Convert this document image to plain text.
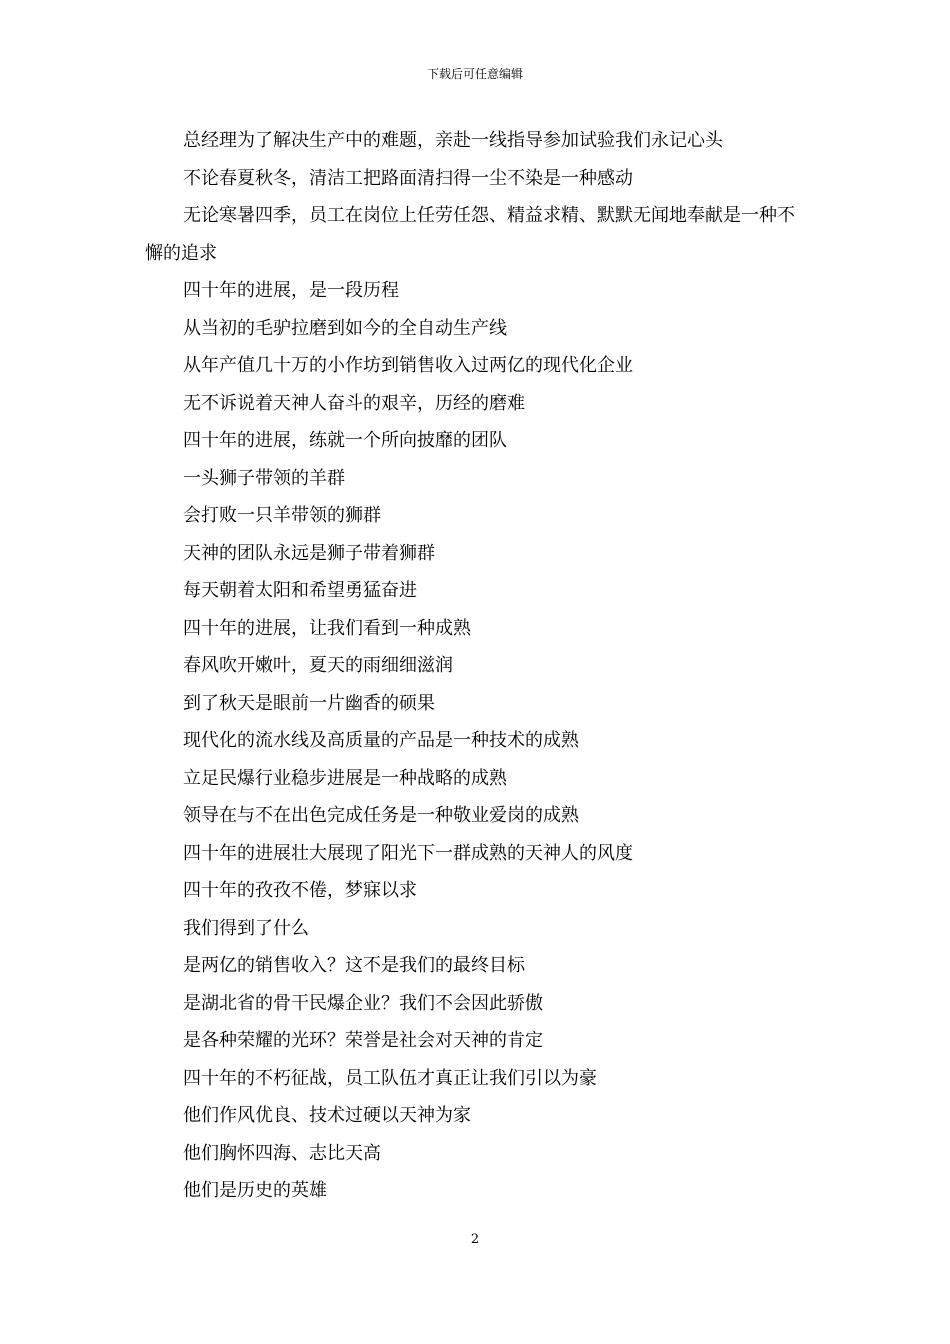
下载后可任意编辑

总经理为了解决生产中的难题，亲赴一线指导参加试验我们永记心头

不论春夏秋冬，清洁工把路面清扫得一尘不染是一种感动

无论寒暑四季，员工在岗位上任劳任怨、精益求精、默默无闻地奉献是一种不懈的追求

四十年的进展，是一段历程

从当初的毛驴拉磨到如今的全自动生产线

从年产值几十万的小作坊到销售收入过两亿的现代化企业

无不诉说着天神人奋斗的艰辛，历经的磨难

四十年的进展，练就一个所向披靡的团队

一头狮子带领的羊群

会打败一只羊带领的狮群

天神的团队永远是狮子带着狮群

每天朝着太阳和希望勇猛奋进

四十年的进展，让我们看到一种成熟

春风吹开嫩叶，夏天的雨细细滋润

到了秋天是眼前一片幽香的硕果

现代化的流水线及高质量的产品是一种技术的成熟

立足民爆行业稳步进展是一种战略的成熟

领导在与不在出色完成任务是一种敬业爱岗的成熟

四十年的进展壮大展现了阳光下一群成熟的天神人的风度

四十年的孜孜不倦，梦寐以求

我们得到了什么

是两亿的销售收入？这不是我们的最终目标

是湖北省的骨干民爆企业？我们不会因此骄傲

是各种荣耀的光环？荣誉是社会对天神的肯定

四十年的不朽征战，员工队伍才真正让我们引以为豪

他们作风优良、技术过硬以天神为家

他们胸怀四海、志比天高

他们是历史的英雄

2
